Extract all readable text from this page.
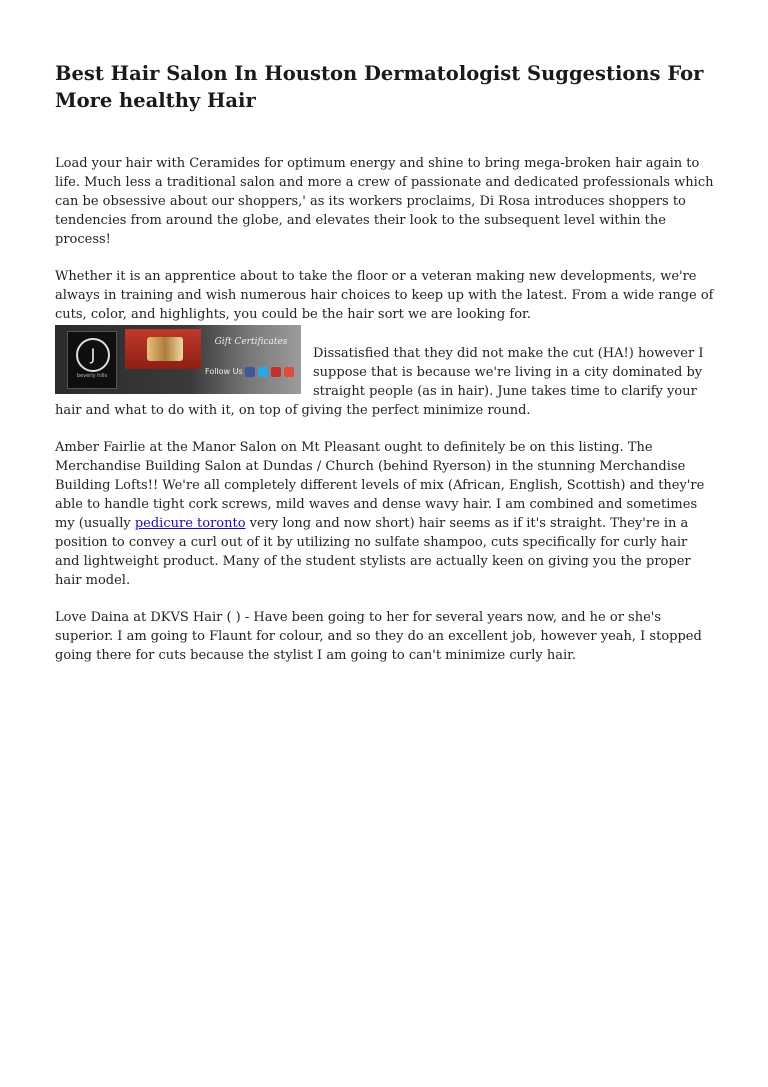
Best Hair Salon In Houston Dermatologist Suggestions For More healthy Hair

Load your hair with Ceramides for optimum energy and shine to bring mega-broken hair again to life. Much less a traditional salon and more a crew of passionate and dedicated professionals which can be obsessive about our shoppers,' as its workers proclaims, Di Rosa introduces shoppers to tendencies from around the globe, and elevates their look to the subsequent level within the process!

Whether it is an apprentice about to take the floor or a veteran making new developments, we're always in training and wish numerous hair choices to keep up with the latest. From a wide range of cuts, color, and highlights, you could be the hair sort we are looking for.

J
beverly hills
Gift Certificates
Follow Us

Dissatisfied that they did not make the cut (HA!) however I suppose that is because we're living in a city dominated by straight people (as in hair). June takes time to clarify your hair and what to do with it, on top of giving the perfect minimize round.

Amber Fairlie at the Manor Salon on Mt Pleasant ought to definitely be on this listing. The Merchandise Building Salon at Dundas / Church (behind Ryerson) in the stunning Merchandise Building Lofts!! We're all completely different levels of mix (African, English, Scottish) and they're able to handle tight cork screws, mild waves and dense wavy hair. I am combined and sometimes my (usually pedicure toronto very long and now short) hair seems as if it's straight. They're in a position to convey a curl out of it by utilizing no sulfate shampoo, cuts specifically for curly hair and lightweight product. Many of the student stylists are actually keen on giving you the proper hair model.

Love Daina at DKVS Hair ( ) - Have been going to her for several years now, and he or she's superior. I am going to Flaunt for colour, and so they do an excellent job, however yeah, I stopped going there for cuts because the stylist I am going to can't minimize curly hair.
